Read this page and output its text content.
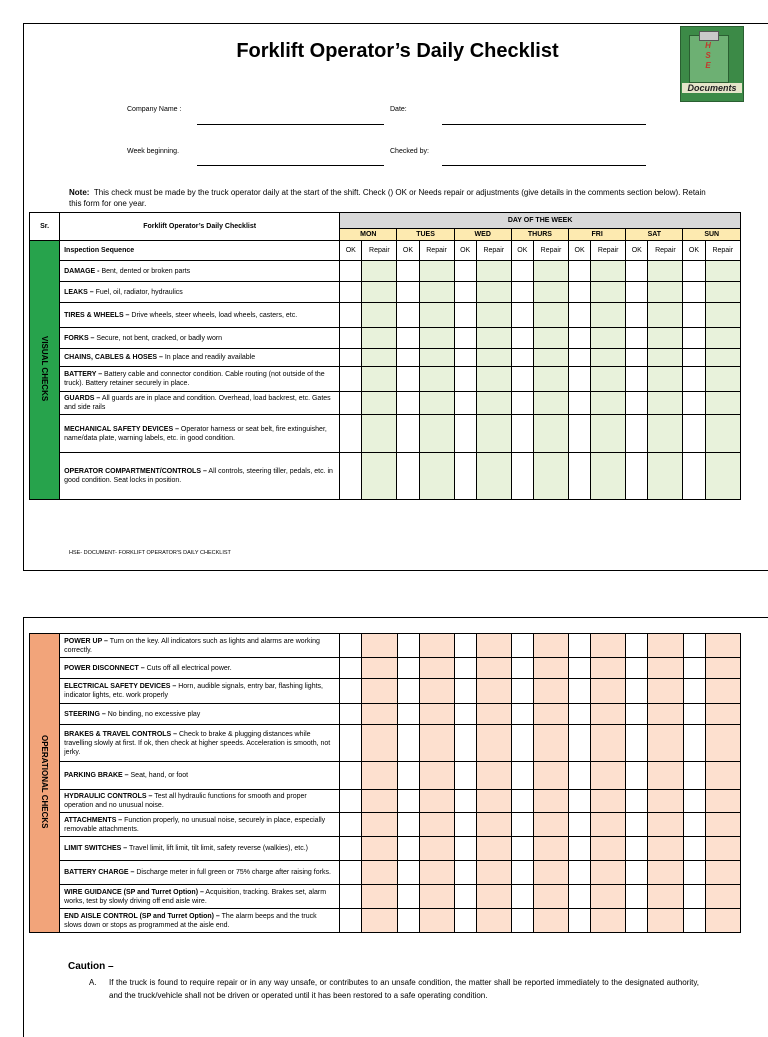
Forklift Operator’s Daily Checklist	H
S
E
Documents
Company Name :	Date:
Week beginning.	Checked by:
Note: This check must be made by the truck operator daily at the start of the shift. Check () OK or Needs repair or adjustments (give details in the comments section below). Retain this form for one year.
Sr.	Forklift Operator’s Daily Checklist	DAY OF THE WEEK													
		MON		TUES		WED		THURS		FRI		SAT		SUN	
VISUAL CHECKS	Inspection Sequence	OK	Repair	OK	Repair	OK	Repair	OK	Repair	OK	Repair	OK	Repair	OK	Repair
	DAMAGE - Bent, dented or broken parts														
	LEAKS – Fuel, oil, radiator, hydraulics														
	TIRES & WHEELS – Drive wheels, steer wheels, load wheels, casters, etc.														
	FORKS – Secure, not bent, cracked, or badly worn														
	CHAINS, CABLES & HOSES – In place and readily available														
	BATTERY – Battery cable and connector condition. Cable routing (not outside of the truck). Battery retainer securely in place.														
	GUARDS – All guards are in place and condition. Overhead, load backrest, etc. Gates and side rails														
	MECHANICAL SAFETY DEVICES – Operator harness or seat belt, fire extinguisher, name/data plate, warning labels, etc. in good condition.														
	OPERATOR COMPARTMENT/CONTROLS – All controls, steering tiller, pedals, etc. in good condition. Seat locks in position.														
HSE- DOCUMENT- FORKLIFT OPERATOR'S DAILY CHECKLIST
OPERATIONAL CHECKS	POWER UP – Turn on the key. All indicators such as lights and alarms are working correctly.														
	POWER DISCONNECT – Cuts off all electrical power.														
	ELECTRICAL SAFETY DEVICES – Horn, audible signals, entry bar, flashing lights, indicator lights, etc. work properly														
	STEERING – No binding, no excessive play														
	BRAKES & TRAVEL CONTROLS – Check to brake & plugging distances while travelling slowly at first. If ok, then check at higher speeds. Acceleration is smooth, not jerky.														
	PARKING BRAKE – Seat, hand, or foot														
	HYDRAULIC CONTROLS – Test all hydraulic functions for smooth and proper operation and no unusual noise.														
	ATTACHMENTS – Function properly, no unusual noise, securely in place, especially removable attachments.														
	LIMIT SWITCHES – Travel limit, lift limit, tilt limit, safety reverse (walkies), etc.)														
	BATTERY CHARGE – Discharge meter in full green or 75% charge after raising forks.														
	WIRE GUIDANCE (SP and Turret Option) – Acquisition, tracking. Brakes set, alarm works, test by slowly driving off end aisle wire.														
	END AISLE CONTROL (SP and Turret Option) – The alarm beeps and the truck slows down or stops as programmed at the aisle end.														
Caution –
A. If the truck is found to require repair or in any way unsafe, or contributes to an unsafe condition, the matter shall be reported immediately to the designated authority, and the truck/vehicle shall not be driven or operated until it has been restored to a safe operating condition.
